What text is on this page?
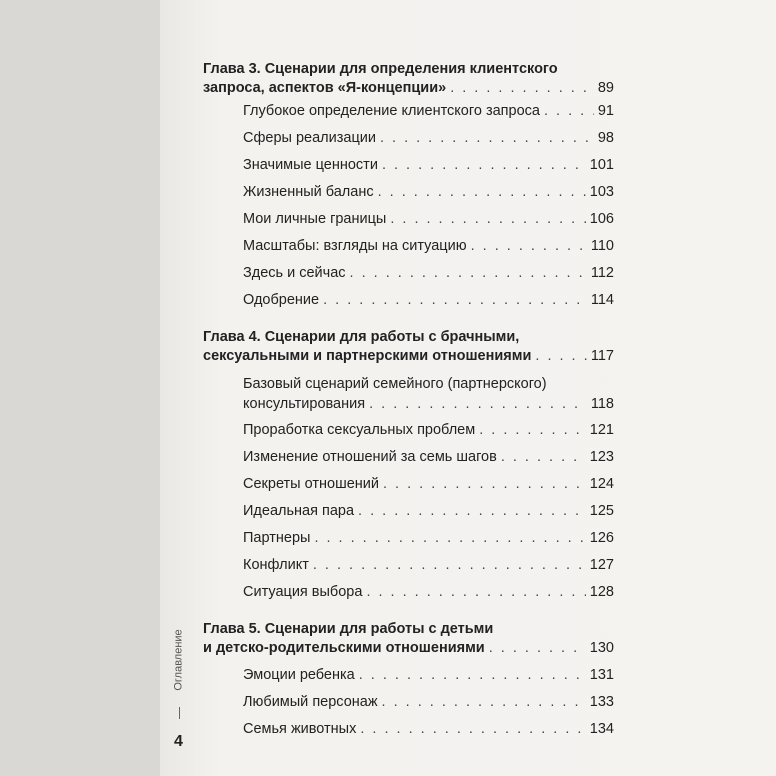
Глава 3. Сценарии для определения клиентского
запроса, аспектов «Я-концепции» . . .	89
Глубокое определение клиентского запроса . . .	91
Сферы реализации . . .	98
Значимые ценности . . .	101
Жизненный баланс . . .	103
Мои личные границы . . .	106
Масштабы: взгляды на ситуацию . . .	110
Здесь и сейчас . . .	112
Одобрение . . .	114
Глава 4. Сценарии для работы с брачными,
сексуальными и партнерскими отношениями . . .	117
Базовый сценарий семейного (партнерского)
консультирования . . .	118
Проработка сексуальных проблем . . .	121
Изменение отношений за семь шагов . . .	123
Секреты отношений . . .	124
Идеальная пара . . .	125
Партнеры . . .	126
Конфликт . . .	127
Ситуация выбора . . .	128
Глава 5. Сценарии для работы с детьми
и детско-родительскими отношениями . . .	130
Эмоции ребенка . . .	131
Любимый персонаж . . .	133
Семья животных . . .	134
Оглавление
4
